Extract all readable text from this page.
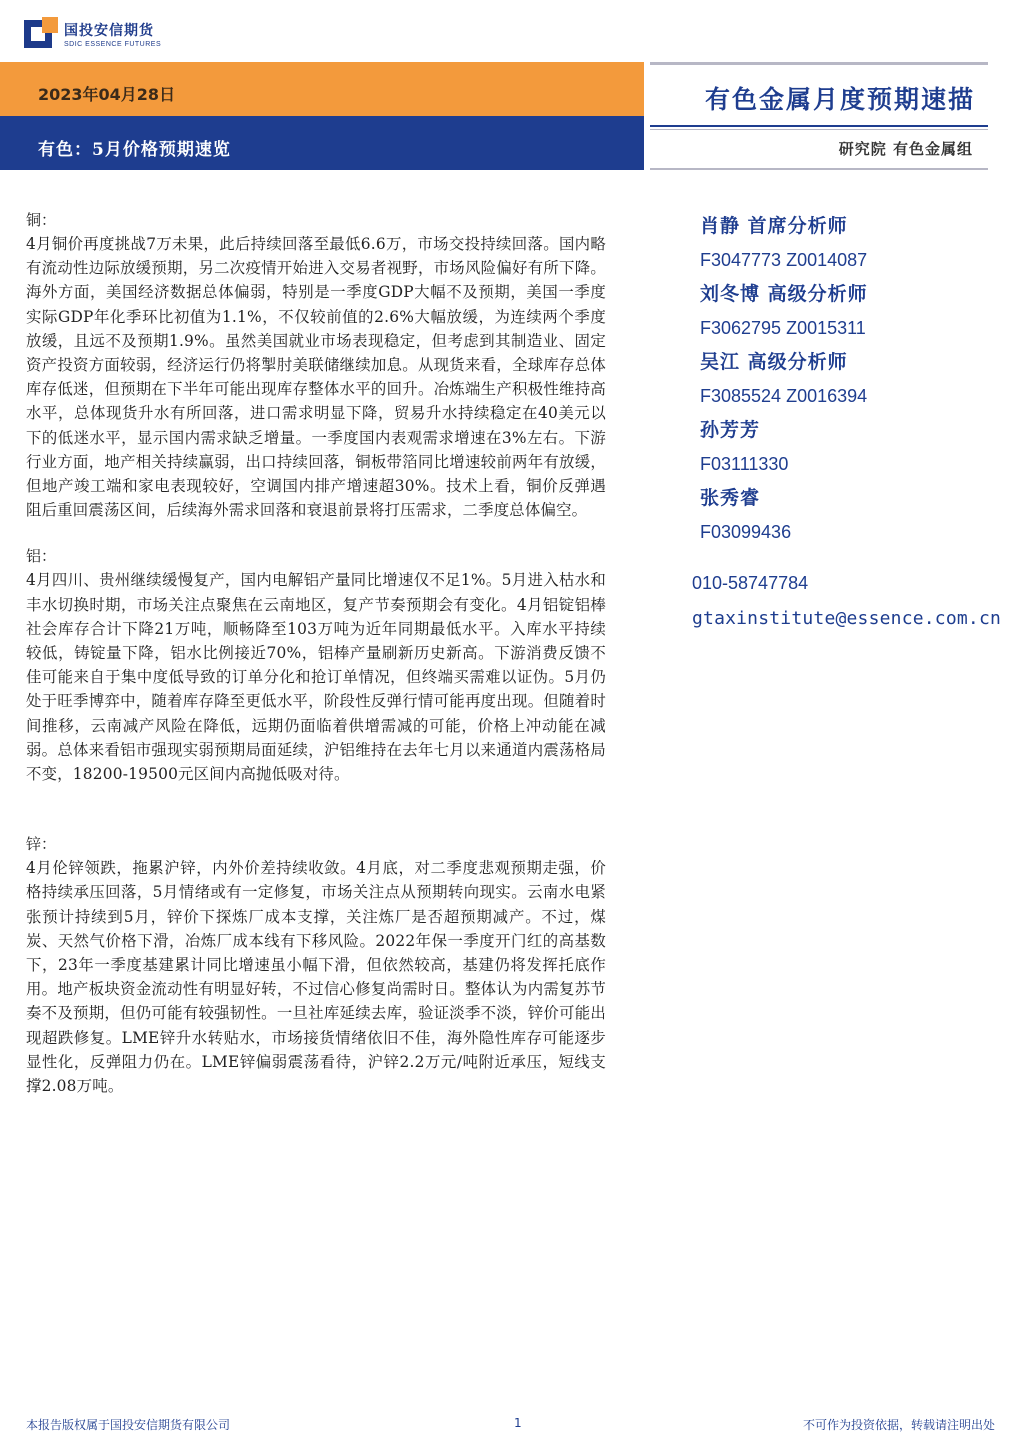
国投安信期货
SDIC ESSENCE FUTURES
2023年04月28日
有色：5月价格预期速览
有色金属月度预期速描
研究院 有色金属组
铜：
4月铜价再度挑战7万未果，此后持续回落至最低6.6万，市场交投持续回落。国内略有流动性边际放缓预期，另二次疫情开始进入交易者视野，市场风险偏好有所下降。海外方面，美国经济数据总体偏弱，特别是一季度GDP大幅不及预期，美国一季度实际GDP年化季环比初值为1.1%，不仅较前值的2.6%大幅放缓，为连续两个季度放缓，且远不及预期1.9%。虽然美国就业市场表现稳定，但考虑到其制造业、固定资产投资方面较弱，经济运行仍将掣肘美联储继续加息。从现货来看，全球库存总体库存低迷，但预期在下半年可能出现库存整体水平的回升。冶炼端生产积极性维持高水平，总体现货升水有所回落，进口需求明显下降，贸易升水持续稳定在40美元以下的低迷水平，显示国内需求缺乏增量。一季度国内表观需求增速在3%左右。下游行业方面，地产相关持续赢弱，出口持续回落，铜板带箔同比增速较前两年有放缓，但地产竣工端和家电表现较好，空调国内排产增速超30%。技术上看，铜价反弹遇阻后重回震荡区间，后续海外需求回落和衰退前景将打压需求，二季度总体偏空。
铝：
4月四川、贵州继续缓慢复产，国内电解铝产量同比增速仅不足1%。5月进入枯水和丰水切换时期，市场关注点聚焦在云南地区，复产节奏预期会有变化。4月铝锭铝棒社会库存合计下降21万吨，顺畅降至103万吨为近年同期最低水平。入库水平持续较低，铸锭量下降，铝水比例接近70%，铝棒产量刷新历史新高。下游消费反馈不佳可能来自于集中度低导致的订单分化和抢订单情况，但终端买需难以证伪。5月仍处于旺季博弈中，随着库存降至更低水平，阶段性反弹行情可能再度出现。但随着时间推移，云南减产风险在降低，远期仍面临着供增需减的可能，价格上冲动能在减弱。总体来看铝市强现实弱预期局面延续，沪铝维持在去年七月以来通道内震荡格局不变，18200-19500元区间内高抛低吸对待。
锌：
4月伦锌领跌，拖累沪锌，内外价差持续收敛。4月底，对二季度悲观预期走强，价格持续承压回落，5月情绪或有一定修复，市场关注点从预期转向现实。云南水电紧张预计持续到5月，锌价下探炼厂成本支撑，关注炼厂是否超预期减产。不过，煤炭、天然气价格下滑，冶炼厂成本线有下移风险。2022年保一季度开门红的高基数下，23年一季度基建累计同比增速虽小幅下滑，但依然较高，基建仍将发挥托底作用。地产板块资金流动性有明显好转，不过信心修复尚需时日。整体认为内需复苏节奏不及预期，但仍可能有较强韧性。一旦社库延续去库，验证淡季不淡，锌价可能出现超跌修复。LME锌升水转贴水，市场接货情绪依旧不佳，海外隐性库存可能逐步显性化，反弹阻力仍在。LME锌偏弱震荡看待，沪锌2.2万元/吨附近承压，短线支撑2.08万吨。
肖静 首席分析师
F3047773 Z0014087
刘冬博 高级分析师
F3062795 Z0015311
吴江 高级分析师
F3085524 Z0016394
孙芳芳
F03111330
张秀睿
F03099436
010-58747784
gtaxinstitute@essence.com.cn
本报告版权属于国投安信期货有限公司	1	不可作为投资依据，转载请注明出处
